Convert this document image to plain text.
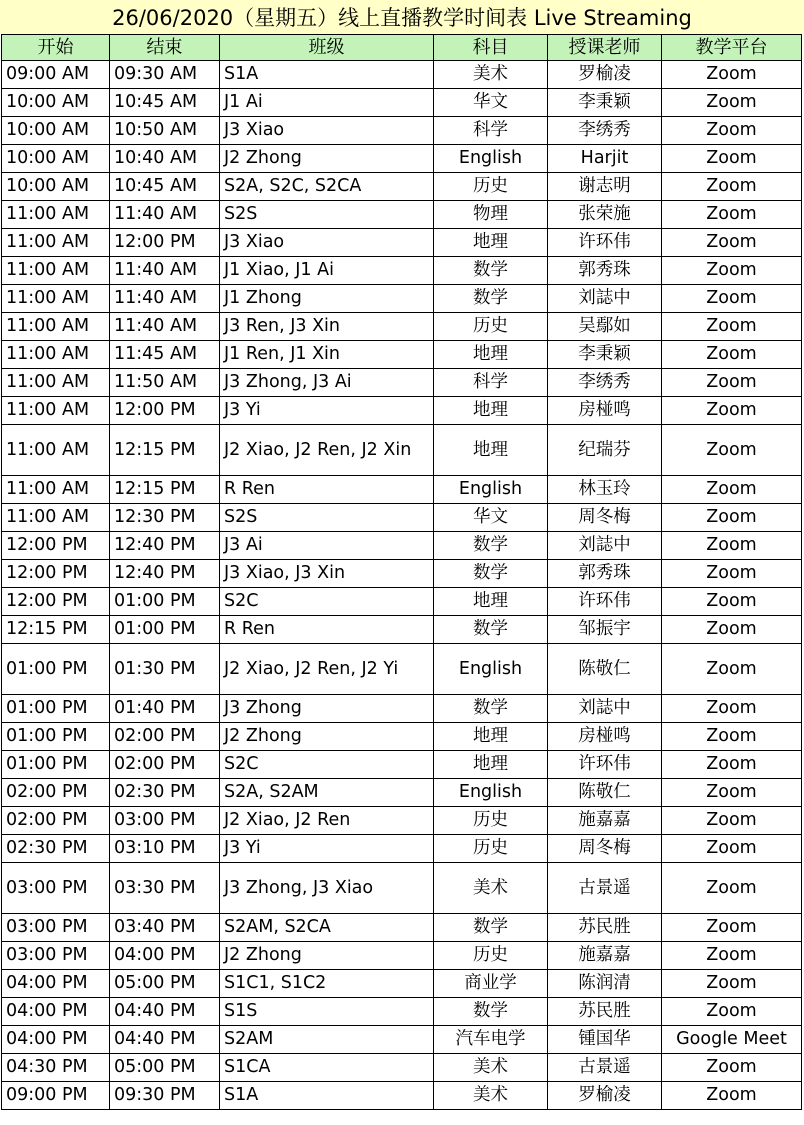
26/06/2020（星期五）线上直播教学时间表 Live Streaming
开始	结束	班级	科目	授课老师	教学平台
09:00 AM	09:30 AM	S1A	美术	罗榆凌	Zoom
10:00 AM	10:45 AM	J1 Ai	华文	李秉颖	Zoom
10:00 AM	10:50 AM	J3 Xiao	科学	李绣秀	Zoom
10:00 AM	10:40 AM	J2 Zhong	English	Harjit	Zoom
10:00 AM	10:45 AM	S2A, S2C, S2CA	历史	谢志明	Zoom
11:00 AM	11:40 AM	S2S	物理	张荣施	Zoom
11:00 AM	12:00 PM	J3 Xiao	地理	许环伟	Zoom
11:00 AM	11:40 AM	J1 Xiao, J1 Ai	数学	郭秀珠	Zoom
11:00 AM	11:40 AM	J1 Zhong	数学	刘誌中	Zoom
11:00 AM	11:40 AM	J3 Ren, J3 Xin	历史	吴鄢如	Zoom
11:00 AM	11:45 AM	J1 Ren, J1 Xin	地理	李秉颖	Zoom
11:00 AM	11:50 AM	J3 Zhong, J3 Ai	科学	李绣秀	Zoom
11:00 AM	12:00 PM	J3 Yi	地理	房椪鸣	Zoom
11:00 AM	12:15 PM	J2 Xiao, J2 Ren, J2 Xin	地理	纪瑞芬	Zoom
11:00 AM	12:15 PM	R Ren	English	林玉玲	Zoom
11:00 AM	12:30 PM	S2S	华文	周冬梅	Zoom
12:00 PM	12:40 PM	J3 Ai	数学	刘誌中	Zoom
12:00 PM	12:40 PM	J3 Xiao, J3 Xin	数学	郭秀珠	Zoom
12:00 PM	01:00 PM	S2C	地理	许环伟	Zoom
12:15 PM	01:00 PM	R Ren	数学	邹振宇	Zoom
01:00 PM	01:30 PM	J2 Xiao, J2 Ren, J2 Yi	English	陈敬仁	Zoom
01:00 PM	01:40 PM	J3 Zhong	数学	刘誌中	Zoom
01:00 PM	02:00 PM	J2 Zhong	地理	房椪鸣	Zoom
01:00 PM	02:00 PM	S2C	地理	许环伟	Zoom
02:00 PM	02:30 PM	S2A, S2AM	English	陈敬仁	Zoom
02:00 PM	03:00 PM	J2 Xiao, J2 Ren	历史	施嘉嘉	Zoom
02:30 PM	03:10 PM	J3 Yi	历史	周冬梅	Zoom
03:00 PM	03:30 PM	J3 Zhong, J3 Xiao	美术	古景遥	Zoom
03:00 PM	03:40 PM	S2AM, S2CA	数学	苏民胜	Zoom
03:00 PM	04:00 PM	J2 Zhong	历史	施嘉嘉	Zoom
04:00 PM	05:00 PM	S1C1, S1C2	商业学	陈润清	Zoom
04:00 PM	04:40 PM	S1S	数学	苏民胜	Zoom
04:00 PM	04:40 PM	S2AM	汽车电学	锺国华	Google Meet
04:30 PM	05:00 PM	S1CA	美术	古景遥	Zoom
09:00 PM	09:30 PM	S1A	美术	罗榆凌	Zoom
